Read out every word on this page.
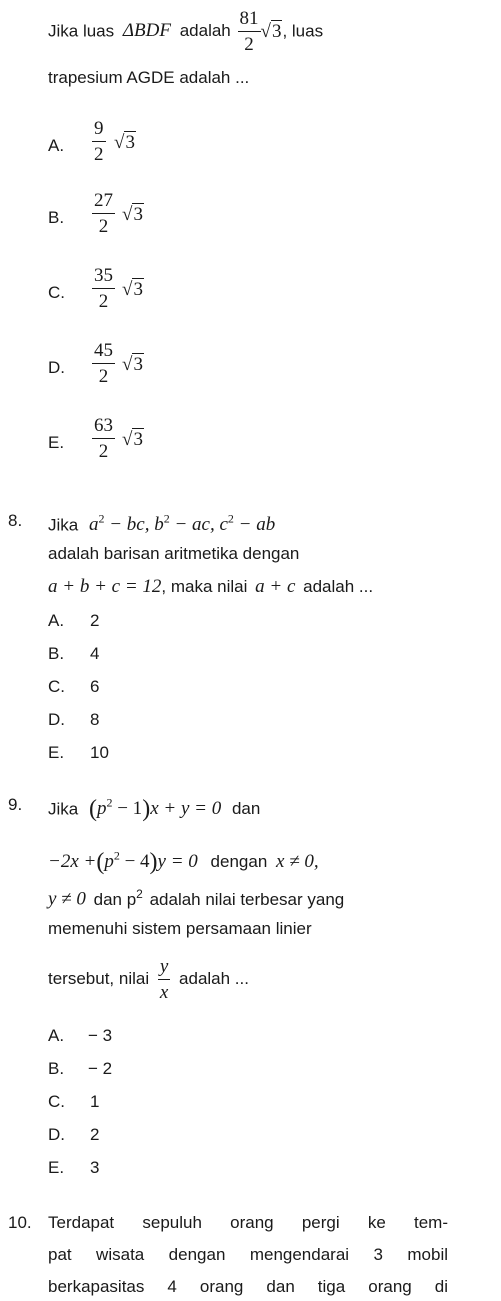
Jika luas ΔBDF adalah $\frac{81}{2} √3$, luas
trapesium AGDE adalah ...
A.
9
2
√3
B.
27
2
√3
C.
35
2
√3
D.
45
2
√3
E.
63
2
√3
8. Jika $a^2$ − bc, $b^2$ − ac, $c^2$ − ab
adalah barisan aritmetika dengan
a + b + c = 12, maka nilai a + c adalah ...
A. 2
B. 4
C. 6
D. 8
E. 10
9. Jika $(p^2 - 1)x + y = 0$ dan
$-2x +(p^2 - 4)y = 0$ dengan x ≠ 0,
y ≠ 0 dan $p^2$ adalah nilai terbesar yang
memenuhi sistem persamaan linier
tersebut, nilai $\frac{y}{x}$ adalah ...
A. − 3
B. − 2
C. 1
D. 2
E. 3
10. Terdapat sepuluh orang pergi ke tem-
pat wisata dengan mengendarai 3 mobil
berkapasitas 4 orang dan tiga orang di
